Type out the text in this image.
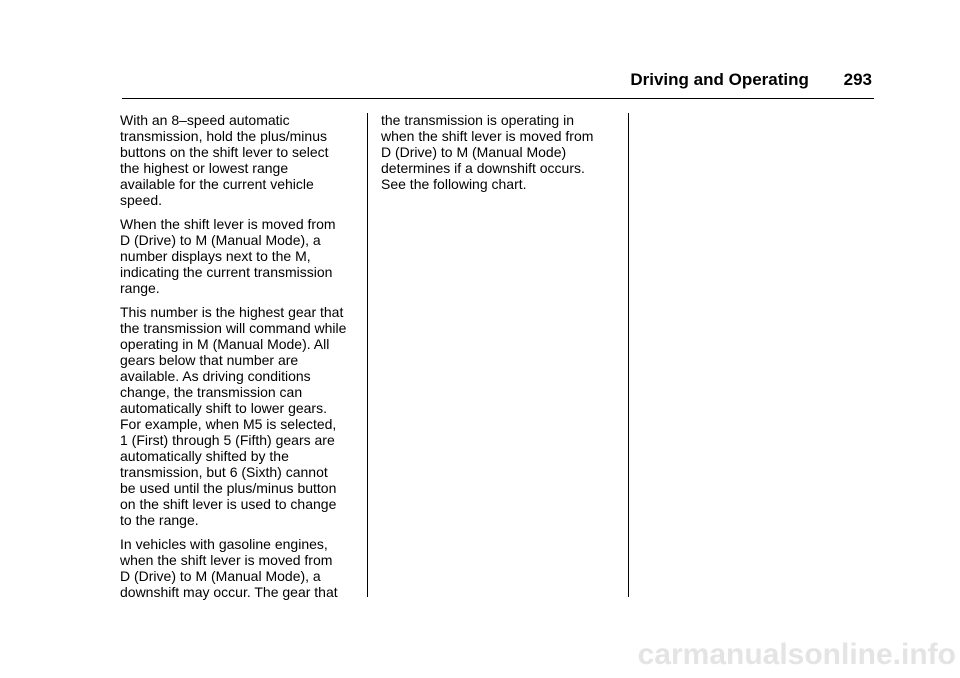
Driving and Operating 293

With an 8–speed automatic
transmission, hold the plus/minus
buttons on the shift lever to select
the highest or lowest range
available for the current vehicle
speed.

When the shift lever is moved from
D (Drive) to M (Manual Mode), a
number displays next to the M,
indicating the current transmission
range.

This number is the highest gear that
the transmission will command while
operating in M (Manual Mode). All
gears below that number are
available. As driving conditions
change, the transmission can
automatically shift to lower gears.
For example, when M5 is selected,
1 (First) through 5 (Fifth) gears are
automatically shifted by the
transmission, but 6 (Sixth) cannot
be used until the plus/minus button
on the shift lever is used to change
to the range.

In vehicles with gasoline engines,
when the shift lever is moved from
D (Drive) to M (Manual Mode), a
downshift may occur. The gear that

the transmission is operating in
when the shift lever is moved from
D (Drive) to M (Manual Mode)
determines if a downshift occurs.
See the following chart.

carmanualsonline.info
